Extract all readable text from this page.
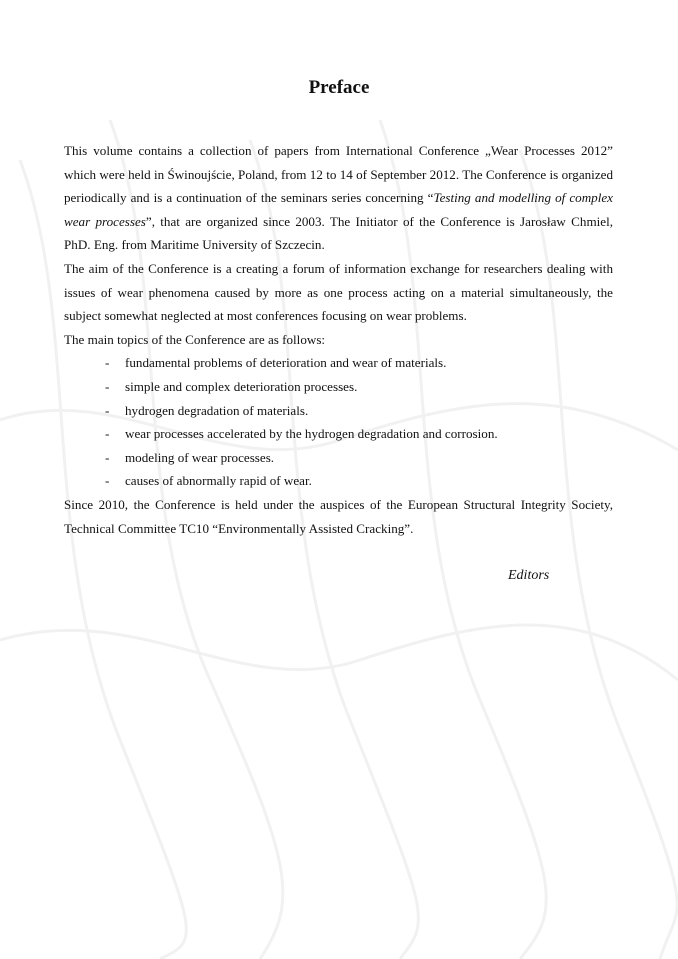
Preface

This volume contains a collection of papers from International Conference „Wear Processes 2012” which were held in Świnoujście, Poland, from 12 to 14 of September 2012. The Conference is organized periodically and is a continuation of the seminars series concerning “Testing and modelling of complex wear processes”, that are organized since 2003. The Initiator of the Conference is Jarosław Chmiel, PhD. Eng. from Maritime University of Szczecin.

The aim of the Conference is a creating a forum of information exchange for researchers dealing with issues of wear phenomena caused by more as one process acting on a material simultaneously, the subject somewhat neglected at most conferences focusing on wear problems.

The main topics of the Conference are as follows:

- fundamental problems of deterioration and wear of materials.
- simple and complex deterioration processes.
- hydrogen degradation of materials.
- wear processes accelerated by the hydrogen degradation and corrosion.
- modeling of wear processes.
- causes of abnormally rapid of wear.

Since 2010, the Conference is held under the auspices of the European Structural Integrity Society, Technical Committee TC10 “Environmentally Assisted Cracking”.

Editors
